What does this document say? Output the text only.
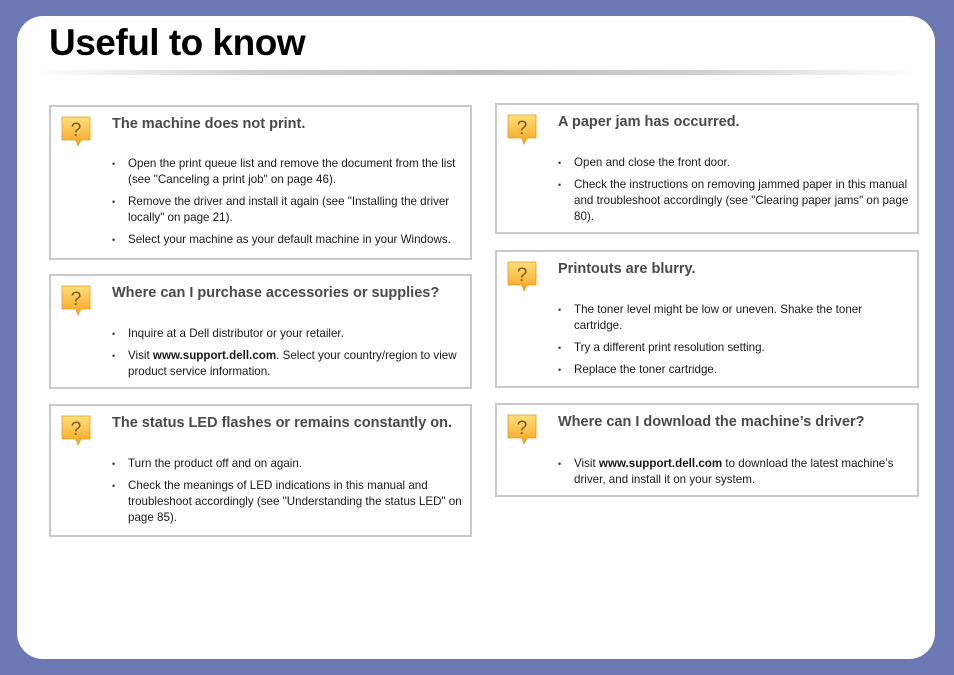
Useful to know
? The machine does not print.
• Open the print queue list and remove the document from the list (see "Canceling a print job" on page 46).
• Remove the driver and install it again (see "Installing the driver locally" on page 21).
• Select your machine as your default machine in your Windows.
? Where can I purchase accessories or supplies?
• Inquire at a Dell distributor or your retailer.
• Visit www.support.dell.com. Select your country/region to view product service information.
? The status LED flashes or remains constantly on.
• Turn the product off and on again.
• Check the meanings of LED indications in this manual and troubleshoot accordingly (see "Understanding the status LED" on page 85).
? A paper jam has occurred.
• Open and close the front door.
• Check the instructions on removing jammed paper in this manual and troubleshoot accordingly (see "Clearing paper jams" on page 80).
? Printouts are blurry.
• The toner level might be low or uneven. Shake the toner cartridge.
• Try a different print resolution setting.
• Replace the toner cartridge.
? Where can I download the machine’s driver?
• Visit www.support.dell.com to download the latest machine’s driver, and install it on your system.
